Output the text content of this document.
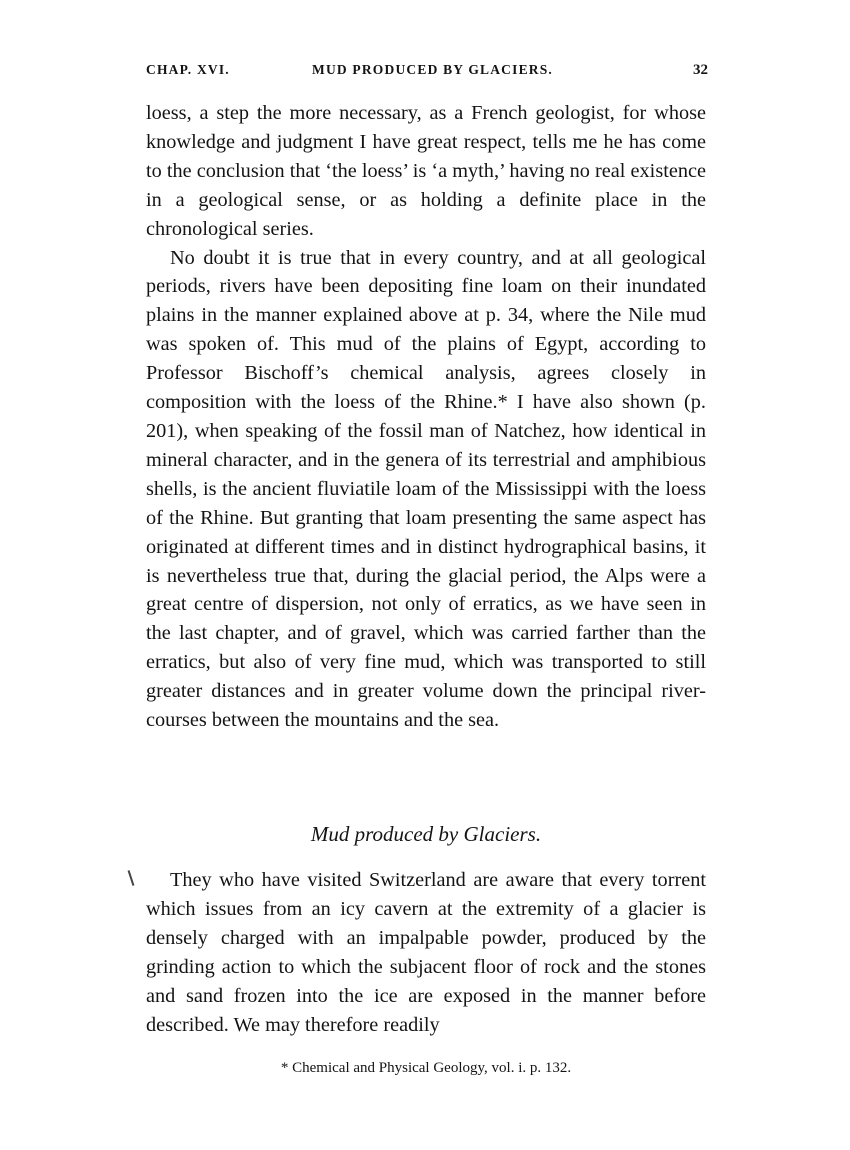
CHAP. XVI.	MUD PRODUCED BY GLACIERS.	32

loess, a step the more necessary, as a French geologist, for whose knowledge and judgment I have great respect, tells me he has come to the conclusion that ‘the loess’ is ‘a myth,’ having no real existence in a geological sense, or as holding a definite place in the chronological series.

No doubt it is true that in every country, and at all geological periods, rivers have been depositing fine loam on their inundated plains in the manner explained above at p. 34, where the Nile mud was spoken of. This mud of the plains of Egypt, according to Professor Bischoff’s chemical analysis, agrees closely in composition with the loess of the Rhine.* I have also shown (p. 201), when speaking of the fossil man of Natchez, how identical in mineral character, and in the genera of its terrestrial and amphibious shells, is the ancient fluviatile loam of the Mississippi with the loess of the Rhine. But granting that loam presenting the same aspect has originated at different times and in distinct hydrographical basins, it is nevertheless true that, during the glacial period, the Alps were a great centre of dispersion, not only of erratics, as we have seen in the last chapter, and of gravel, which was carried farther than the erratics, but also of very fine mud, which was transported to still greater distances and in greater volume down the principal river-courses between the mountains and the sea.

Mud produced by Glaciers.

They who have visited Switzerland are aware that every torrent which issues from an icy cavern at the extremity of a glacier is densely charged with an impalpable powder, produced by the grinding action to which the subjacent floor of rock and the stones and sand frozen into the ice are exposed in the manner before described. We may therefore readily

* Chemical and Physical Geology, vol. i. p. 132.
